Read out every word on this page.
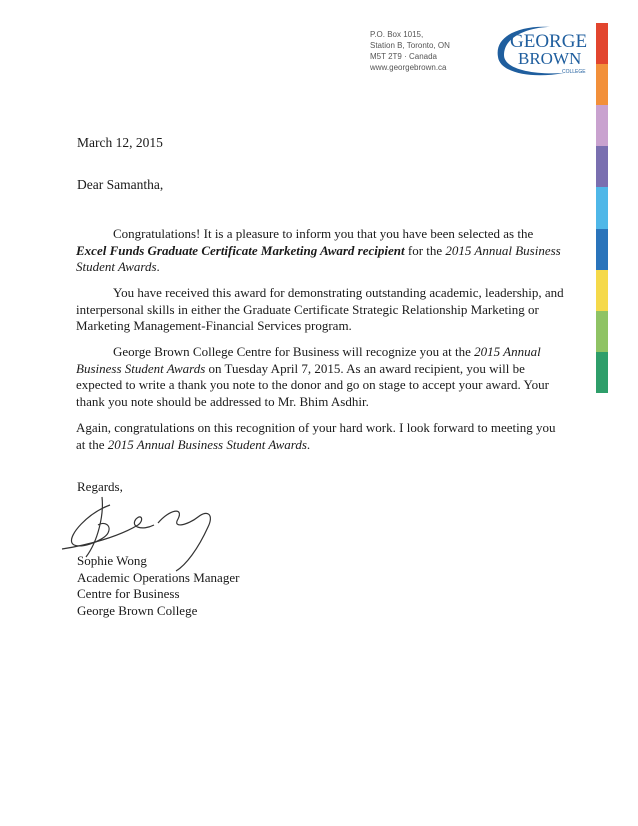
P.O. Box 1015,
Station B, Toronto, ON
M5T 2T9 · Canada
www.georgebrown.ca
GEORGE
BROWN
COLLEGE
March 12, 2015
Dear Samantha,

Congratulations! It is a pleasure to inform you that you have been selected as the Excel Funds Graduate Certificate Marketing Award recipient for the 2015 Annual Business Student Awards.

You have received this award for demonstrating outstanding academic, leadership, and interpersonal skills in either the Graduate Certificate Strategic Relationship Marketing or Marketing Management-Financial Services program.

George Brown College Centre for Business will recognize you at the 2015 Annual Business Student Awards on Tuesday April 7, 2015. As an award recipient, you will be expected to write a thank you note to the donor and go on stage to accept your award. Your thank you note should be addressed to Mr. Bhim Asdhir.

Again, congratulations on this recognition of your hard work. I look forward to meeting you at the 2015 Annual Business Student Awards.

Regards,
Sophie Wong
Academic Operations Manager
Centre for Business
George Brown College
